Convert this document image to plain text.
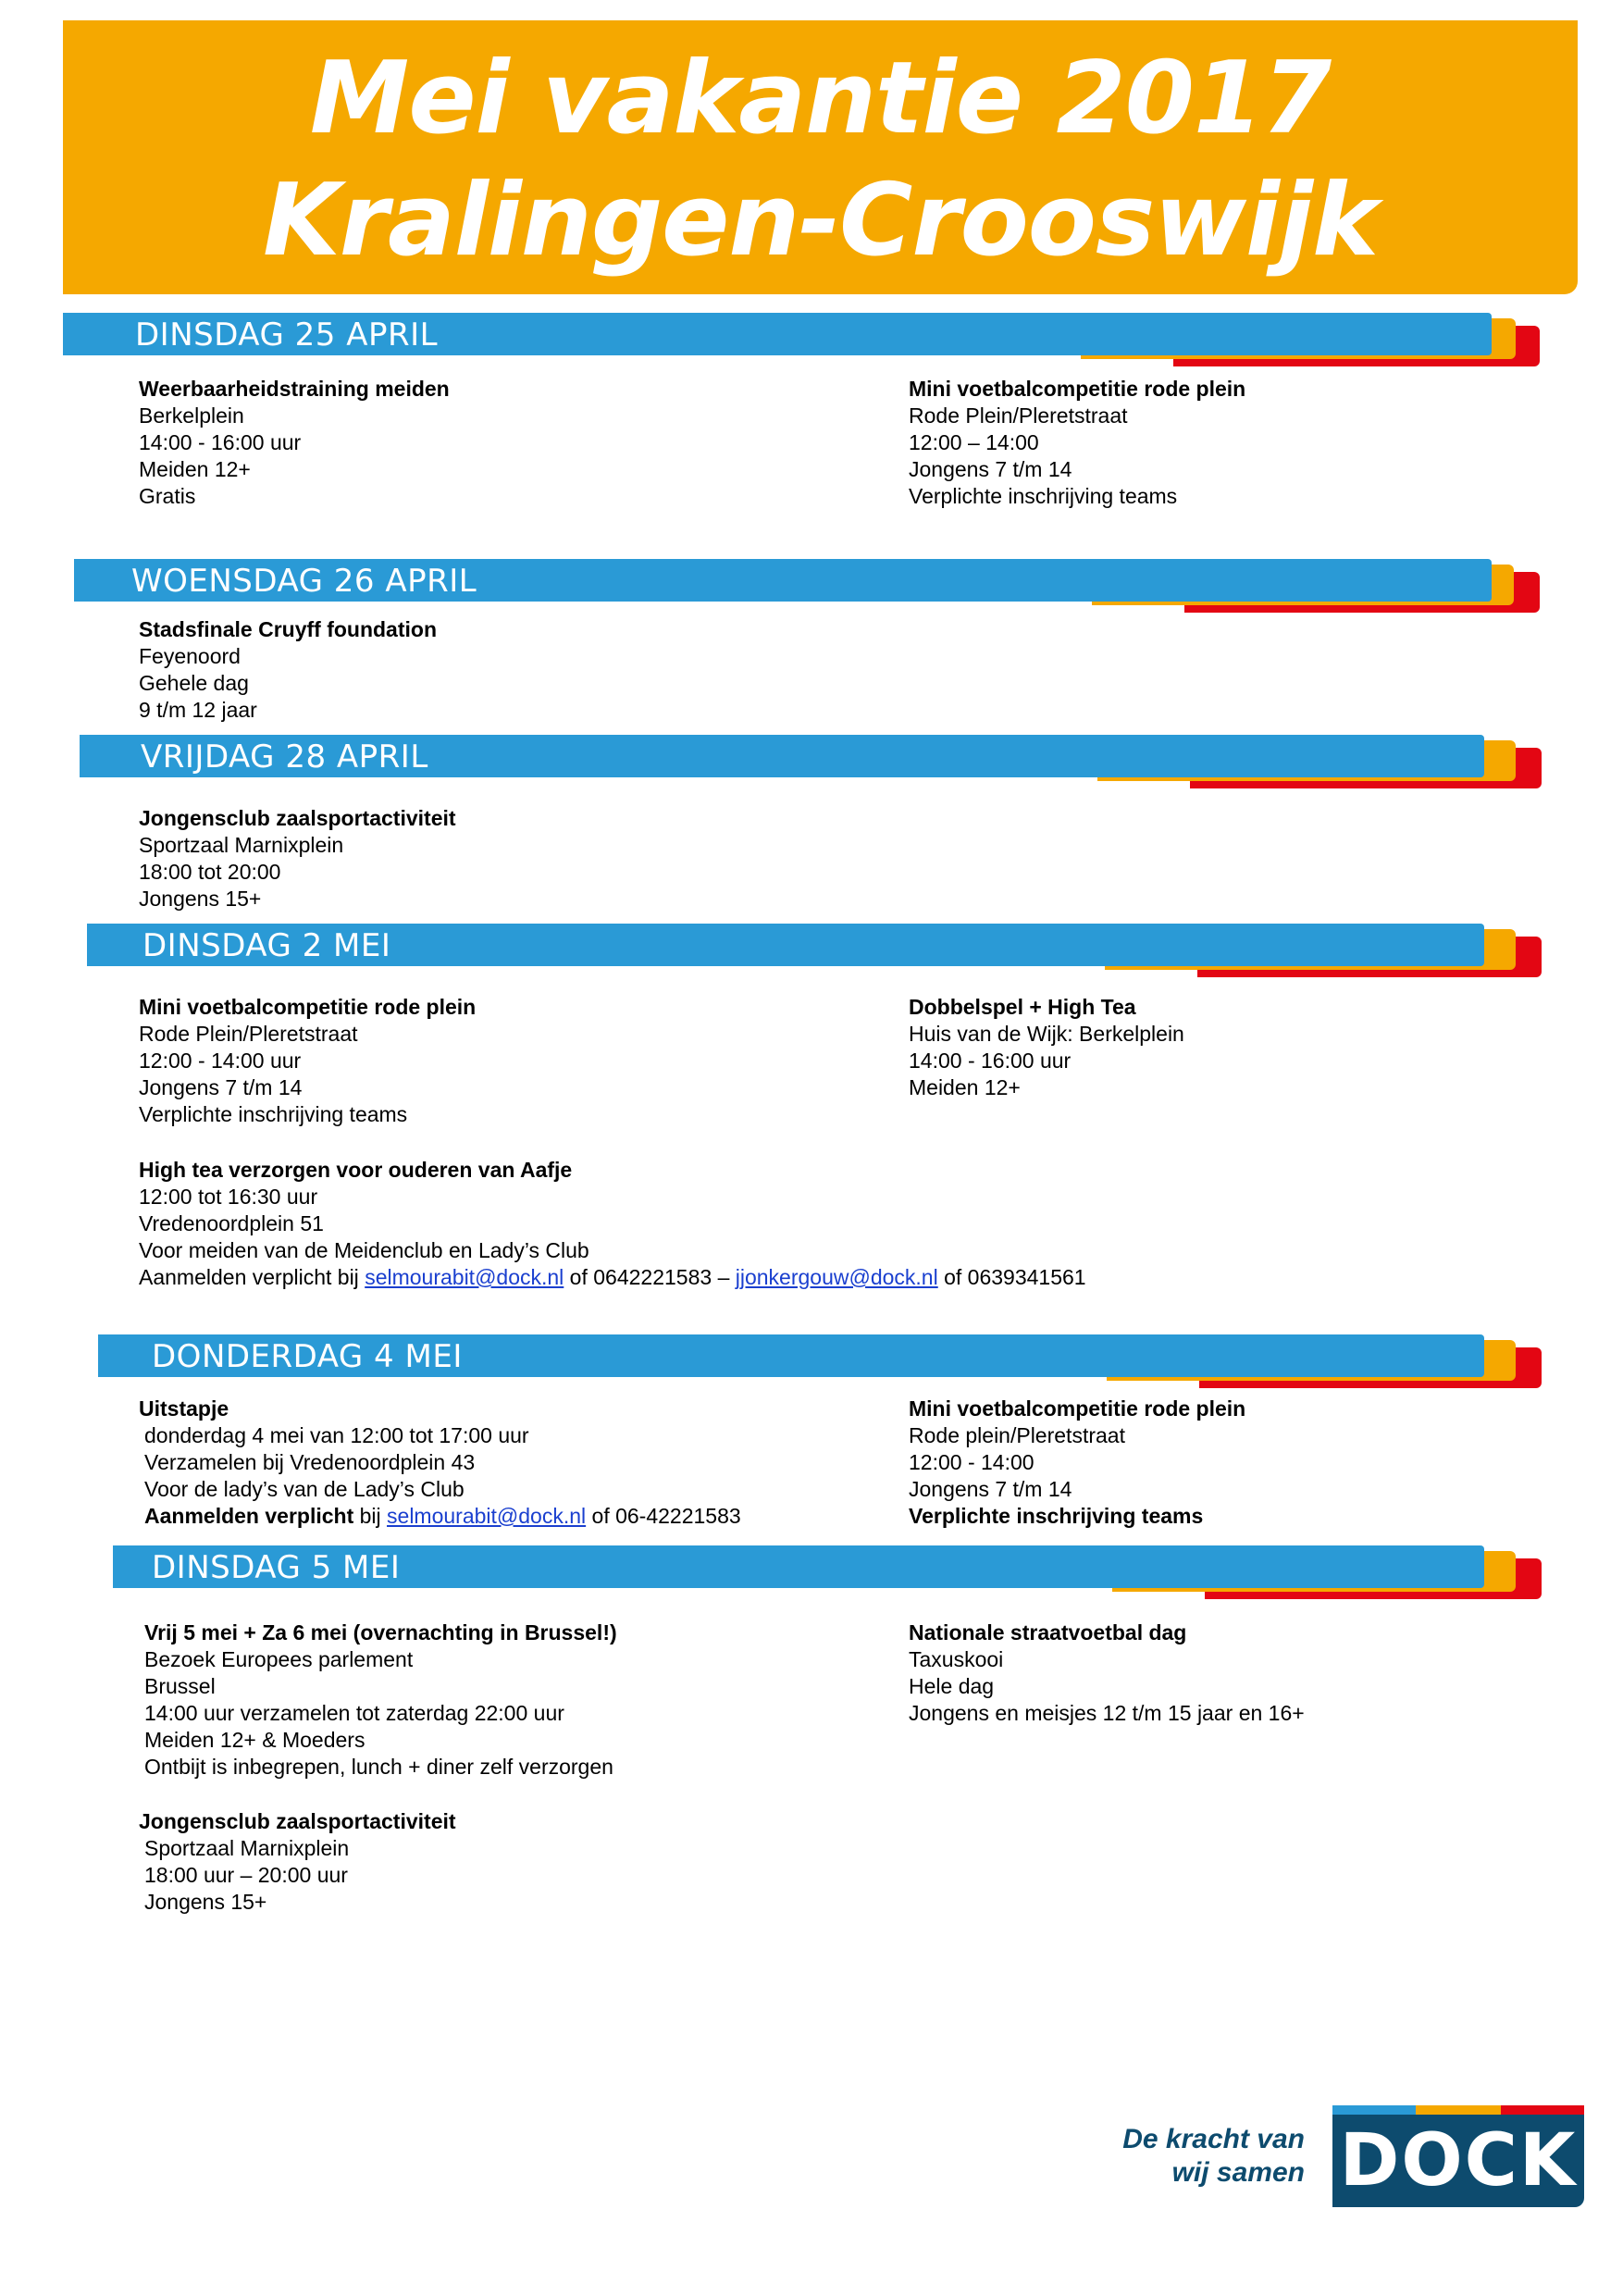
Mei vakantie 2017
Kralingen-Crooswijk
DINSDAG 25 APRIL
WOENSDAG 26 APRIL
VRIJDAG 28 APRIL
DINSDAG 2 MEI
DONDERDAG 4 MEI
DINSDAG 5 MEI
Weerbaarheidstraining meiden
Berkelplein
14:00 - 16:00 uur
Meiden 12+
Gratis
Mini voetbalcompetitie rode plein
Rode Plein/Pleretstraat
12:00 – 14:00
Jongens 7 t/m 14
Verplichte inschrijving teams
Stadsfinale Cruyff foundation
Feyenoord
Gehele dag
9 t/m 12 jaar
Jongensclub zaalsportactiviteit
Sportzaal Marnixplein
18:00 tot 20:00
Jongens 15+
Mini voetbalcompetitie rode plein
Rode Plein/Pleretstraat
12:00 - 14:00 uur
Jongens 7 t/m 14
Verplichte inschrijving teams
Dobbelspel + High Tea
Huis van de Wijk: Berkelplein
14:00 - 16:00 uur
Meiden 12+
High tea verzorgen voor ouderen van Aafje
12:00 tot 16:30 uur
Vredenoordplein 51
Voor meiden van de Meidenclub en Lady’s Club
Aanmelden verplicht bij selmourabit@dock.nl of 0642221583 – jjonkergouw@dock.nl of 0639341561
Uitstapje
donderdag 4 mei van 12:00 tot 17:00 uur
Verzamelen bij Vredenoordplein 43
Voor de lady’s van de Lady’s Club
Aanmelden verplicht bij selmourabit@dock.nl of 06-42221583
Mini voetbalcompetitie rode plein
Rode plein/Pleretstraat
12:00 - 14:00
Jongens 7 t/m 14
Verplichte inschrijving teams
Vrij 5 mei + Za 6 mei (overnachting in Brussel!)
Bezoek Europees parlement
Brussel
14:00 uur verzamelen tot zaterdag 22:00 uur
Meiden 12+ & Moeders
Ontbijt is inbegrepen, lunch + diner zelf verzorgen
Nationale straatvoetbal dag
Taxuskooi
Hele dag
Jongens en meisjes 12 t/m 15 jaar en 16+
Jongensclub zaalsportactiviteit
Sportzaal Marnixplein
18:00 uur – 20:00 uur
Jongens 15+
De kracht van
wij samen DOCK
